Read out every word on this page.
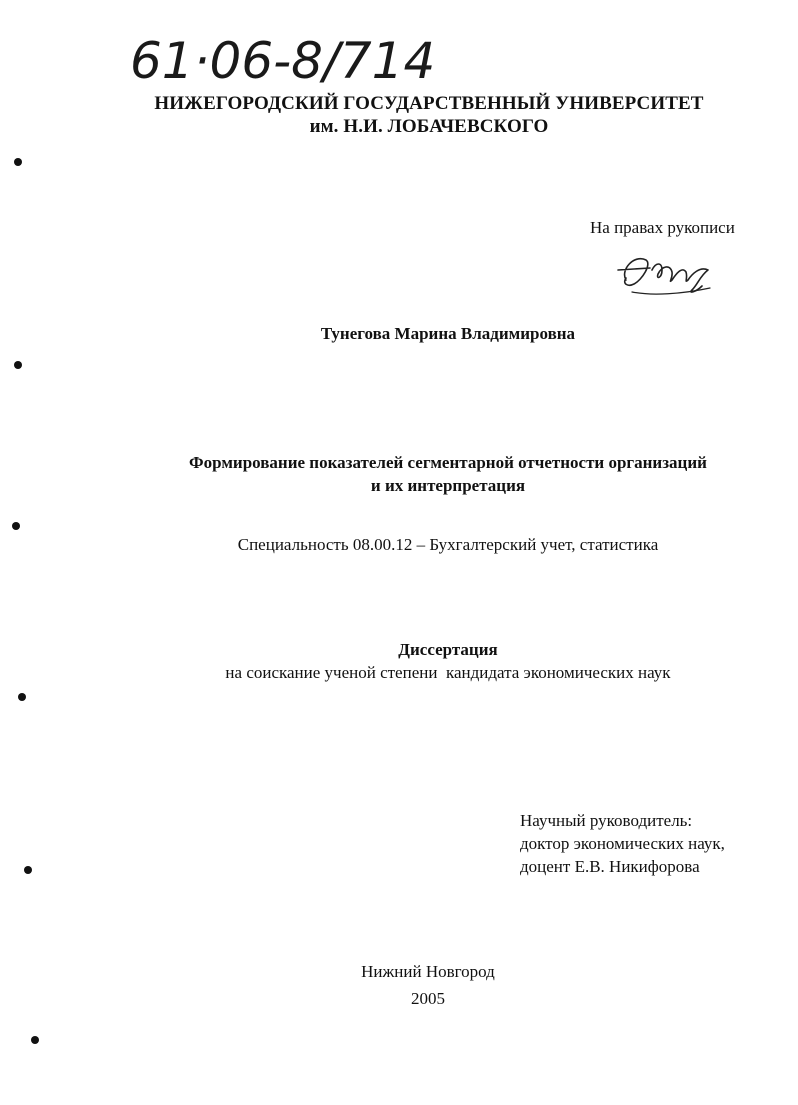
61·06-8/714
НИЖЕГОРОДСКИЙ ГОСУДАРСТВЕННЫЙ УНИВЕРСИТЕТ
им. Н.И. ЛОБАЧЕВСКОГО
На правах рукописи
Тунегова Марина Владимировна
Формирование показателей сегментарной отчетности организаций
и их интерпретация
Специальность 08.00.12 – Бухгалтерский учет, статистика
Диссертация
на соискание ученой степени  кандидата экономических наук
Научный руководитель:
доктор экономических наук,
доцент Е.В. Никифорова
Нижний Новгород
2005
